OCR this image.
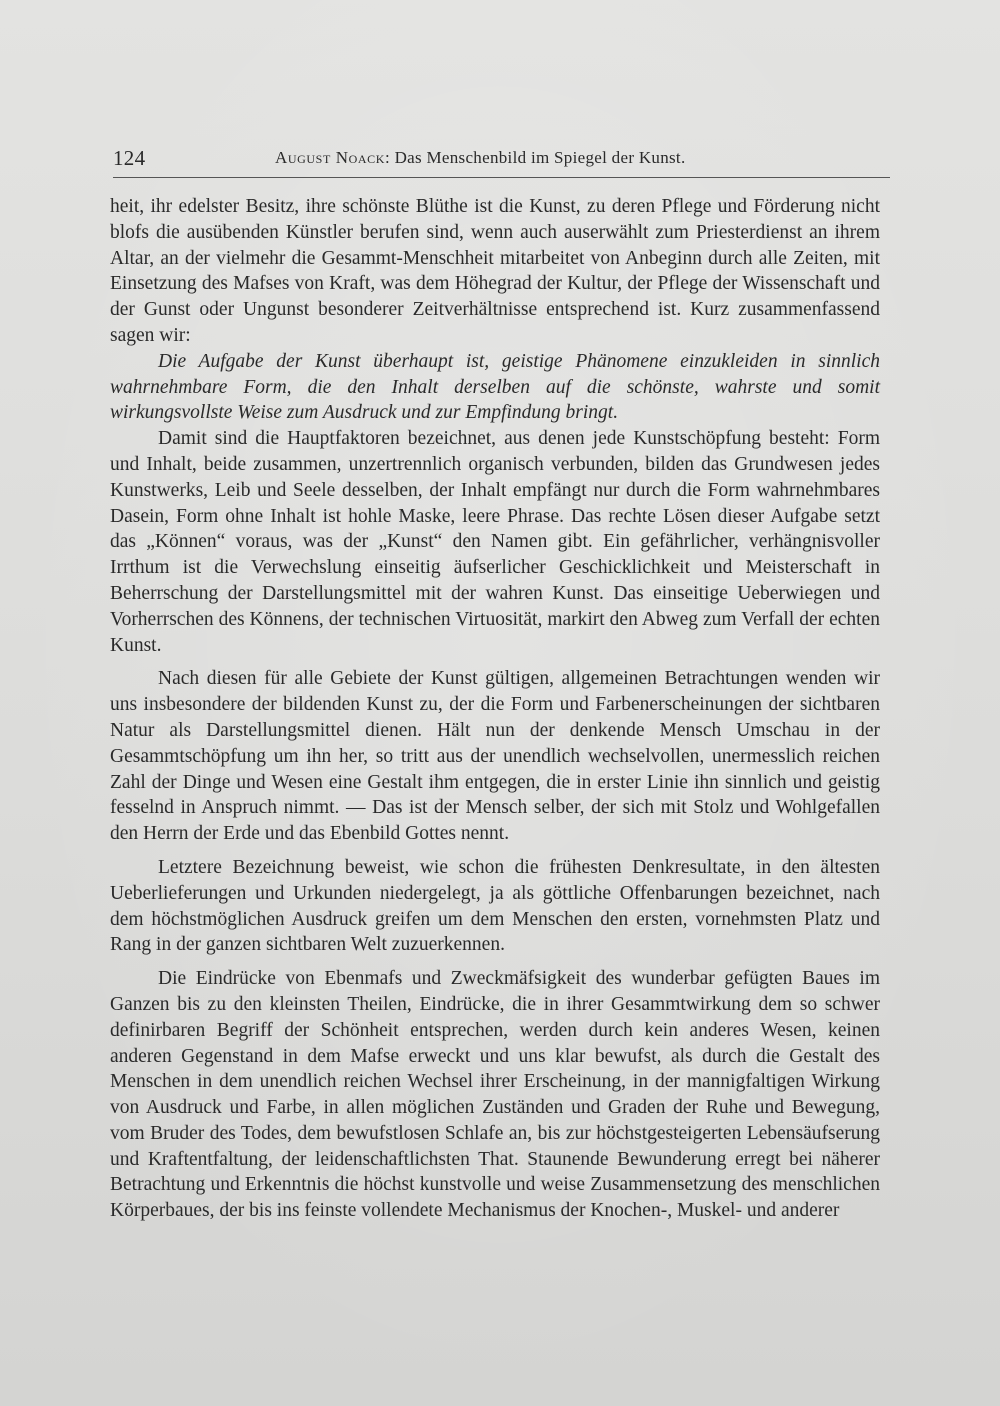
124	August Noack: Das Menschenbild im Spiegel der Kunst.

heit, ihr edelster Besitz, ihre schönste Blüthe ist die Kunst, zu deren Pflege und Förderung nicht blofs die ausübenden Künstler berufen sind, wenn auch auserwählt zum Priesterdienst an ihrem Altar, an der vielmehr die Gesammt-Menschheit mitarbeitet von Anbeginn durch alle Zeiten, mit Einsetzung des Mafses von Kraft, was dem Höhegrad der Kultur, der Pflege der Wissenschaft und der Gunst oder Ungunst besonderer Zeitverhältnisse entsprechend ist. Kurz zusammenfassend sagen wir:

Die Aufgabe der Kunst überhaupt ist, geistige Phänomene einzukleiden in sinnlich wahrnehmbare Form, die den Inhalt derselben auf die schönste, wahrste und somit wirkungsvollste Weise zum Ausdruck und zur Empfindung bringt.

Damit sind die Hauptfaktoren bezeichnet, aus denen jede Kunstschöpfung besteht: Form und Inhalt, beide zusammen, unzertrennlich organisch verbunden, bilden das Grundwesen jedes Kunstwerks, Leib und Seele desselben, der Inhalt empfängt nur durch die Form wahrnehmbares Dasein, Form ohne Inhalt ist hohle Maske, leere Phrase. Das rechte Lösen dieser Aufgabe setzt das „Können“ voraus, was der „Kunst“ den Namen gibt. Ein gefährlicher, verhängnisvoller Irrthum ist die Verwechslung einseitig äufserlicher Geschicklichkeit und Meisterschaft in Beherrschung der Darstellungsmittel mit der wahren Kunst. Das einseitige Ueberwiegen und Vorherrschen des Könnens, der technischen Virtuosität, markirt den Abweg zum Verfall der echten Kunst.

Nach diesen für alle Gebiete der Kunst gültigen, allgemeinen Betrachtungen wenden wir uns insbesondere der bildenden Kunst zu, der die Form und Farbenerscheinungen der sichtbaren Natur als Darstellungsmittel dienen. Hält nun der denkende Mensch Umschau in der Gesammtschöpfung um ihn her, so tritt aus der unendlich wechselvollen, unermesslich reichen Zahl der Dinge und Wesen eine Gestalt ihm entgegen, die in erster Linie ihn sinnlich und geistig fesselnd in Anspruch nimmt. — Das ist der Mensch selber, der sich mit Stolz und Wohlgefallen den Herrn der Erde und das Ebenbild Gottes nennt.

Letztere Bezeichnung beweist, wie schon die frühesten Denkresultate, in den ältesten Ueberlieferungen und Urkunden niedergelegt, ja als göttliche Offenbarungen bezeichnet, nach dem höchstmöglichen Ausdruck greifen um dem Menschen den ersten, vornehmsten Platz und Rang in der ganzen sichtbaren Welt zuzuerkennen.

Die Eindrücke von Ebenmafs und Zweckmäfsigkeit des wunderbar gefügten Baues im Ganzen bis zu den kleinsten Theilen, Eindrücke, die in ihrer Gesammtwirkung dem so schwer definirbaren Begriff der Schönheit entsprechen, werden durch kein anderes Wesen, keinen anderen Gegenstand in dem Mafse erweckt und uns klar bewufst, als durch die Gestalt des Menschen in dem unendlich reichen Wechsel ihrer Erscheinung, in der mannigfaltigen Wirkung von Ausdruck und Farbe, in allen möglichen Zuständen und Graden der Ruhe und Bewegung, vom Bruder des Todes, dem bewufstlosen Schlafe an, bis zur höchstgesteigerten Lebensäufserung und Kraftentfaltung, der leidenschaftlichsten That. Staunende Bewunderung erregt bei näherer Betrachtung und Erkenntnis die höchst kunstvolle und weise Zusammensetzung des menschlichen Körperbaues, der bis ins feinste vollendete Mechanismus der Knochen-, Muskel- und anderer
